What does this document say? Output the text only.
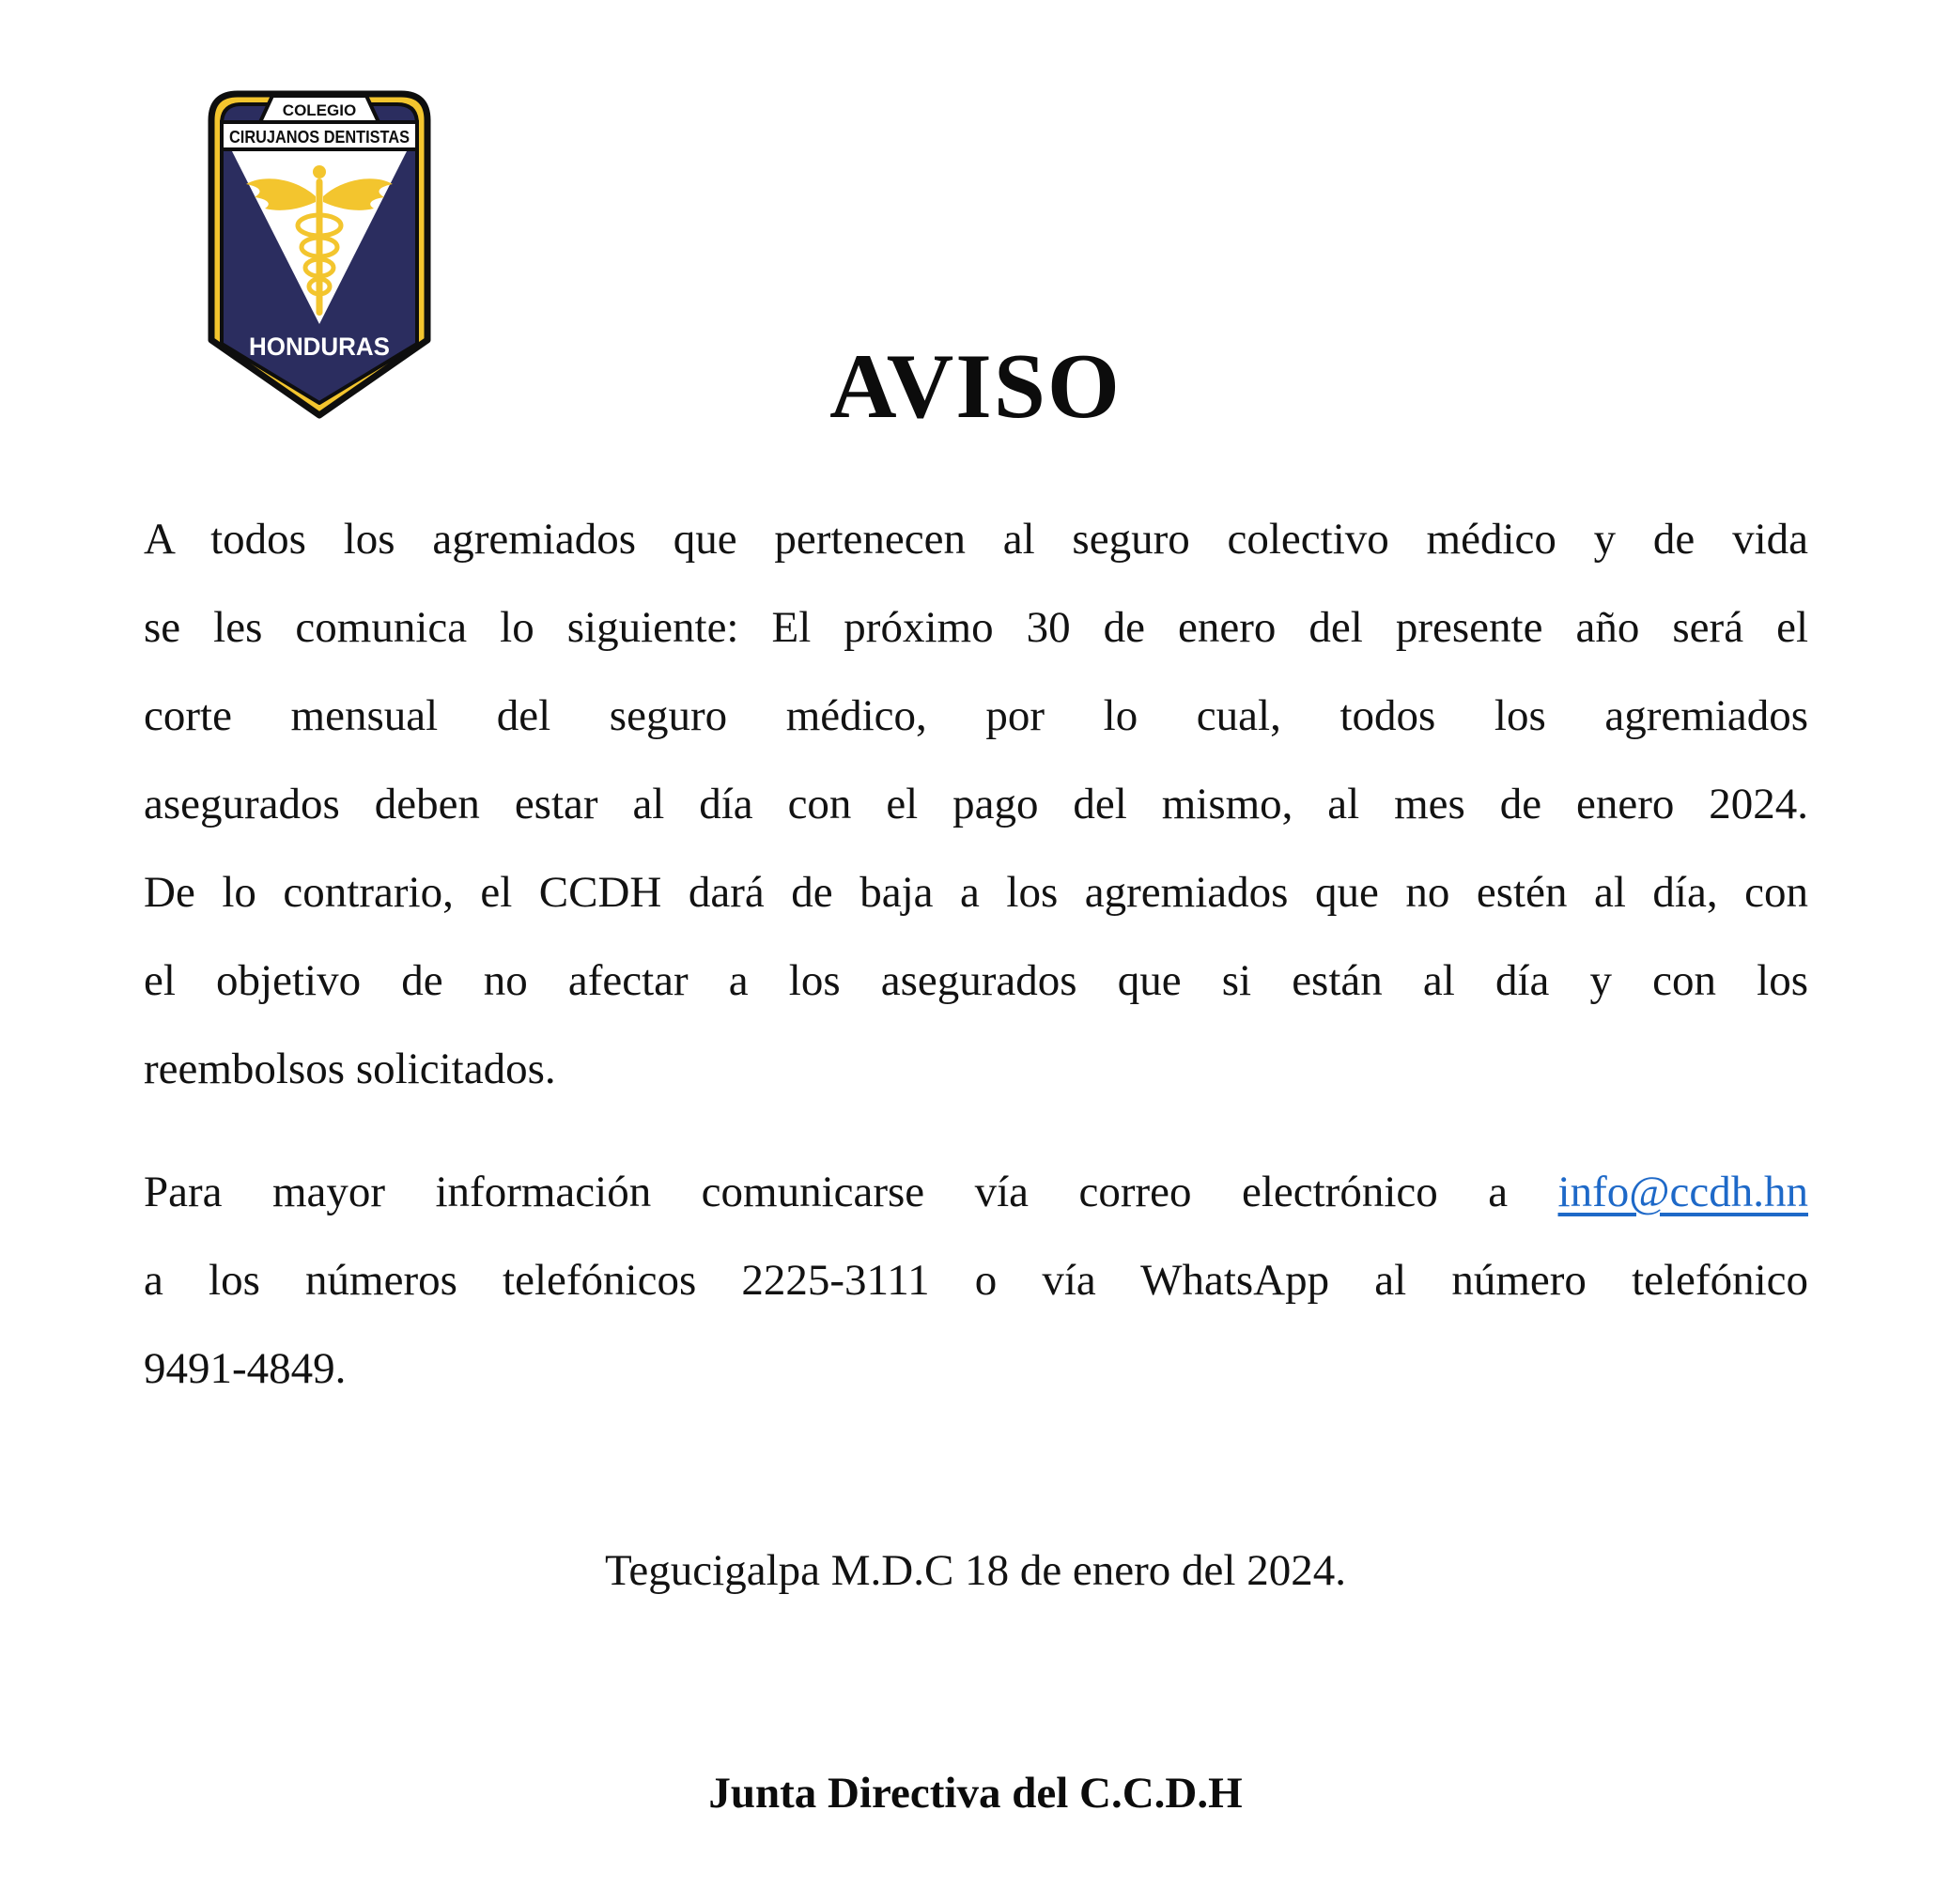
COLEGIO
CIRUJANOS DENTISTAS
HONDURAS	AVISO
A todos los agremiados que pertenecen al seguro colectivo médico y de vida
se les comunica lo siguiente: El próximo 30 de enero del presente año será el
corte mensual del seguro médico, por lo cual, todos los agremiados
asegurados deben estar al día con el pago del mismo, al mes de enero 2024.
De lo contrario, el CCDH dará de baja a los agremiados que no estén al día, con
el objetivo de no afectar a los asegurados que si están al día y con los
reembolsos solicitados.
Para mayor información comunicarse vía correo electrónico a info@ccdh.hn
a los números telefónicos 2225-3111 o vía WhatsApp al número telefónico
9491-4849.

Tegucigalpa M.D.C 18 de enero del 2024.

Junta Directiva del C.C.D.H
